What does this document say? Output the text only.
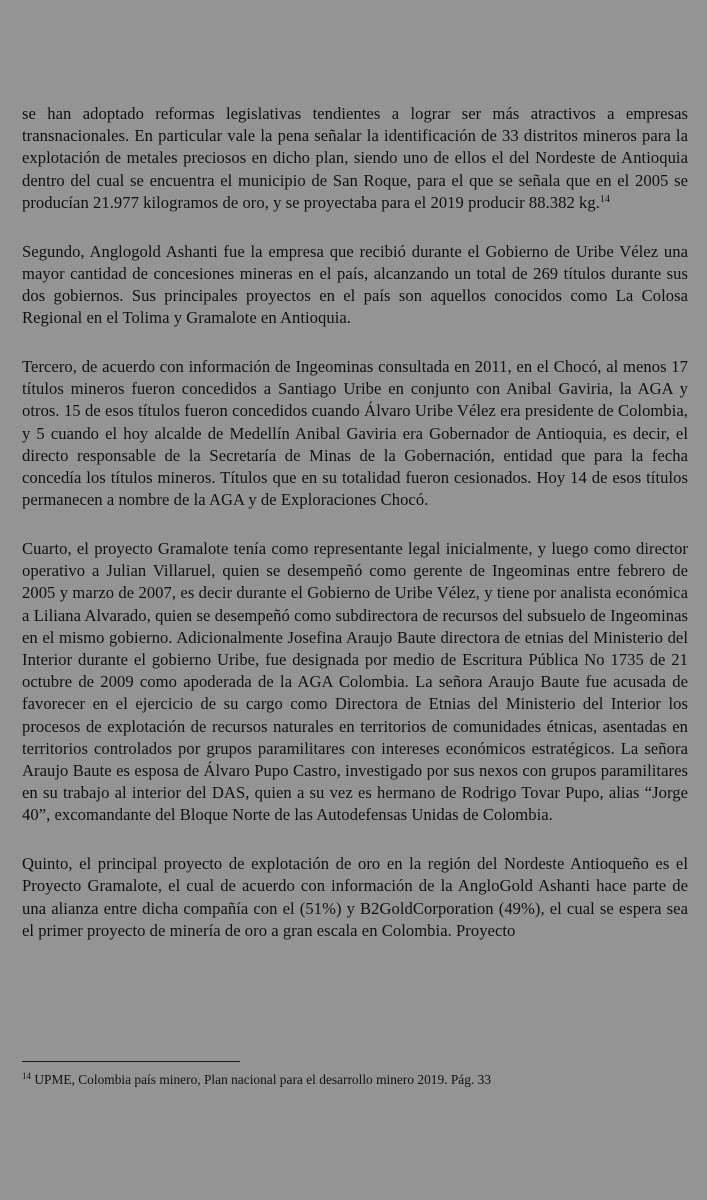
se han adoptado reformas legislativas tendientes a lograr ser más atractivos a empresas transnacionales. En particular vale la pena señalar la identificación de 33 distritos mineros para la explotación de metales preciosos en dicho plan, siendo uno de ellos el del Nordeste de Antioquia dentro del cual se encuentra el municipio de San Roque, para el que se señala que en el 2005 se producían 21.977 kilogramos de oro, y se proyectaba para el 2019 producir 88.382 kg.$^{14}$

Segundo, Anglogold Ashanti fue la empresa que recibió durante el Gobierno de Uribe Vélez una mayor cantidad de concesiones mineras en el país, alcanzando un total de 269 títulos durante sus dos gobiernos. Sus principales proyectos en el país son aquellos conocidos como La Colosa Regional en el Tolima y Gramalote en Antioquia.

Tercero, de acuerdo con información de Ingeominas consultada en 2011, en el Chocó, al menos 17 títulos mineros fueron concedidos a Santiago Uribe en conjunto con Anibal Gaviria, la AGA y otros. 15 de esos títulos fueron concedidos cuando Álvaro Uribe Vélez era presidente de Colombia, y 5 cuando el hoy alcalde de Medellín Anibal Gaviria era Gobernador de Antioquia, es decir, el directo responsable de la Secretaría de Minas de la Gobernación, entidad que para la fecha concedía los títulos mineros. Títulos que en su totalidad fueron cesionados. Hoy 14 de esos títulos permanecen a nombre de la AGA y de Exploraciones Chocó.

Cuarto, el proyecto Gramalote tenía como representante legal inicialmente, y luego como director operativo a Julian Villaruel, quien se desempeñó como gerente de Ingeominas entre febrero de 2005 y marzo de 2007, es decir durante el Gobierno de Uribe Vélez, y tiene por analista económica a Liliana Alvarado, quien se desempeñó como subdirectora de recursos del subsuelo de Ingeominas en el mismo gobierno. Adicionalmente Josefina Araujo Baute directora de etnias del Ministerio del Interior durante el gobierno Uribe, fue designada por medio de Escritura Pública No 1735 de 21 octubre de 2009 como apoderada de la AGA Colombia. La señora Araujo Baute fue acusada de favorecer en el ejercicio de su cargo como Directora de Etnias del Ministerio del Interior los procesos de explotación de recursos naturales en territorios de comunidades étnicas, asentadas en territorios controlados por grupos paramilitares con intereses económicos estratégicos. La señora Araujo Baute es esposa de Álvaro Pupo Castro, investigado por sus nexos con grupos paramilitares en su trabajo al interior del DAS, quien a su vez es hermano de Rodrigo Tovar Pupo, alias “Jorge 40”, excomandante del Bloque Norte de las Autodefensas Unidas de Colombia.

Quinto, el principal proyecto de explotación de oro en la región del Nordeste Antioqueño es el Proyecto Gramalote, el cual de acuerdo con información de la AngloGold Ashanti hace parte de una alianza entre dicha compañía con el (51%) y B2GoldCorporation (49%), el cual se espera sea el primer proyecto de minería de oro a gran escala en Colombia. Proyecto

$^{14}$ UPME, Colombia país minero, Plan nacional para el desarrollo minero 2019. Pág. 33
